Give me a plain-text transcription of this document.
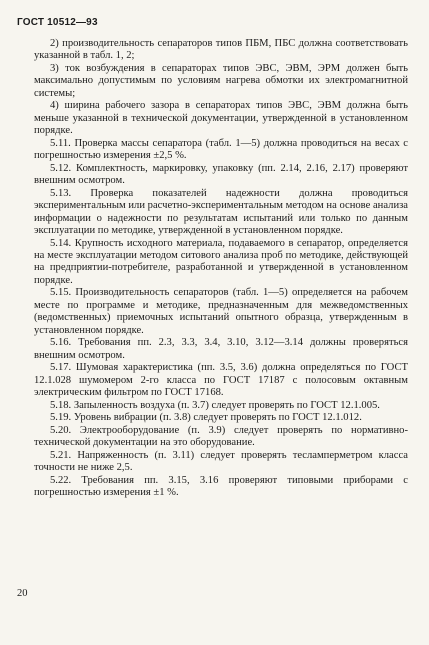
ГОСТ 10512—93

2) производительность сепараторов типов ПБМ, ПБС должна соответствовать указанной в табл. 1, 2;

3) ток возбуждения в сепараторах типов ЭВС, ЭВМ, ЭРМ должен быть максимально допустимым по условиям нагрева обмотки их электромагнитной системы;

4) ширина рабочего зазора в сепараторах типов ЭВС, ЭВМ должна быть меньше указанной в технической документации, утвержденной в установленном порядке.

5.11. Проверка массы сепаратора (табл. 1—5) должна проводиться на весах с погрешностью измерения ±2,5 %.

5.12. Комплектность, маркировку, упаковку (пп. 2.14, 2.16, 2.17) проверяют внешним осмотром.

5.13. Проверка показателей надежности должна проводиться экспериментальным или расчетно-экспериментальным методом на основе анализа информации о надежности по результатам испытаний или только по данным эксплуатации по методике, утвержденной в установленном порядке.

5.14. Крупность исходного материала, подаваемого в сепаратор, определяется на месте эксплуатации методом ситового анализа проб по методике, действующей на предприятии-потребителе, разработанной и утвержденной в установленном порядке.

5.15. Производительность сепараторов (табл. 1—5) определяется на рабочем месте по программе и методике, предназначенным для межведомственных (ведомственных) приемочных испытаний опытного образца, утвержденным в установленном порядке.

5.16. Требования пп. 2.3, 3.3, 3.4, 3.10, 3.12—3.14 должны проверяться внешним осмотром.

5.17. Шумовая характеристика (пп. 3.5, 3.6) должна определяться по ГОСТ 12.1.028 шумомером 2-го класса по ГОСТ 17187 с полосовым октавным электрическим фильтром по ГОСТ 17168.

5.18. Запыленность воздуха (п. 3.7) следует проверять по ГОСТ 12.1.005.

5.19. Уровень вибрации (п. 3.8) следует проверять по ГОСТ 12.1.012.

5.20. Электрооборудование (п. 3.9) следует проверять по нормативно-технической документации на это оборудование.

5.21. Напряженность (п. 3.11) следует проверять тесламперметром класса точности не ниже 2,5.

5.22. Требования пп. 3.15, 3.16 проверяют типовыми приборами с погрешностью измерения ±1 %.

20
